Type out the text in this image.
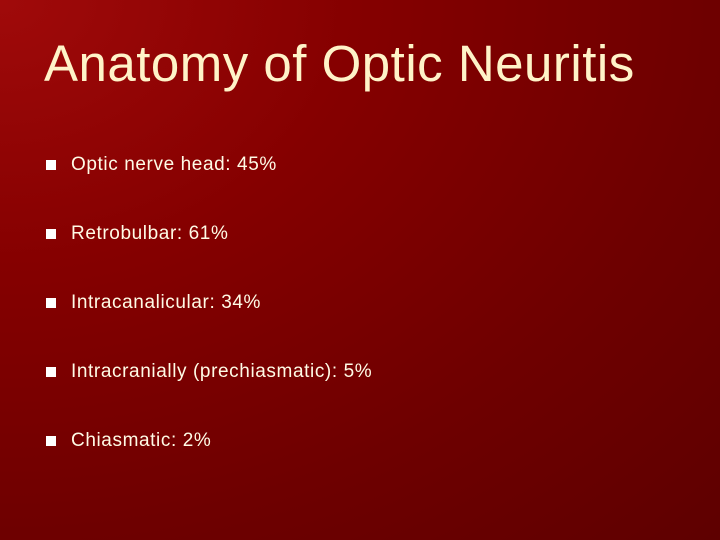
Anatomy of Optic Neuritis
Optic nerve head: 45%
Retrobulbar: 61%
Intracanalicular: 34%
Intracranially (prechiasmatic): 5%
Chiasmatic: 2%
